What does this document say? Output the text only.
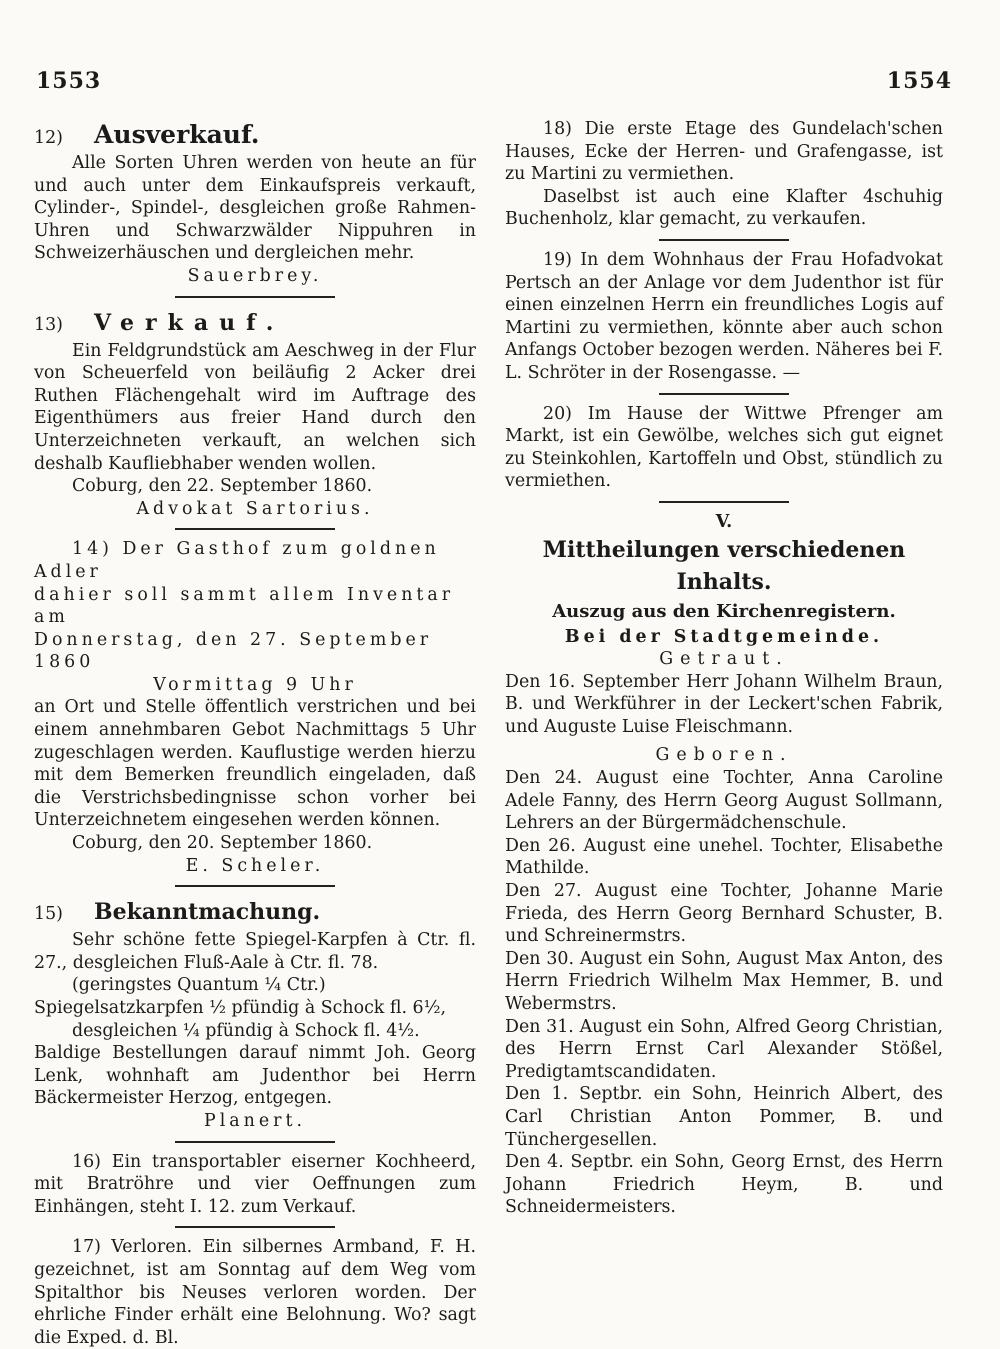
1553	1554

12) Ausverkauf.

Alle Sorten Uhren werden von heute an für und auch unter dem Einkaufspreis verkauft, Cylinder-, Spindel-, desgleichen große Rahmen-Uhren und Schwarzwälder Nippuhren in Schweizerhäuschen und dergleichen mehr.

Sauerbrey.

13) Verkauf.

Ein Feldgrundstück am Aeschweg in der Flur von Scheuerfeld von beiläufig 2 Acker drei Ruthen Flächengehalt wird im Auftrage des Eigenthümers aus freier Hand durch den Unterzeichneten verkauft, an welchen sich deshalb Kaufliebhaber wenden wollen.

Coburg, den 22. September 1860.

Advokat Sartorius.

14) Der Gasthof zum goldnen Adler

dahier soll sammt allem Inventar am

Donnerstag, den 27. September 1860

Vormittag 9 Uhr

an Ort und Stelle öffentlich verstrichen und bei einem annehmbaren Gebot Nachmittags 5 Uhr zugeschlagen werden. Kauflustige werden hierzu mit dem Bemerken freundlich eingeladen, daß die Verstrichsbedingnisse schon vorher bei Unterzeichnetem eingesehen werden können.

Coburg, den 20. September 1860.

E. Scheler.

15) Bekanntmachung.

Sehr schöne fette Spiegel-Karpfen à Ctr. fl. 27., desgleichen Fluß-Aale à Ctr. fl. 78.

(geringstes Quantum ¼ Ctr.)

Spiegelsatzkarpfen ½ pfündig à Schock fl. 6½,

desgleichen ¼ pfündig à Schock fl. 4½.

Baldige Bestellungen darauf nimmt Joh. Georg Lenk, wohnhaft am Judenthor bei Herrn Bäckermeister Herzog, entgegen.

Planert.

16) Ein transportabler eiserner Kochheerd, mit Bratröhre und vier Oeffnungen zum Einhängen, steht I. 12. zum Verkauf.

17) Verloren. Ein silbernes Armband, F. H. gezeichnet, ist am Sonntag auf dem Weg vom Spitalthor bis Neuses verloren worden. Der ehrliche Finder erhält eine Belohnung. Wo? sagt die Exped. d. Bl.

18) Die erste Etage des Gundelach'schen Hauses, Ecke der Herren- und Grafengasse, ist zu Martini zu vermiethen.

Daselbst ist auch eine Klafter 4schuhig Buchenholz, klar gemacht, zu verkaufen.

19) In dem Wohnhaus der Frau Hofadvokat Pertsch an der Anlage vor dem Judenthor ist für einen einzelnen Herrn ein freundliches Logis auf Martini zu vermiethen, könnte aber auch schon Anfangs October bezogen werden. Näheres bei F. L. Schröter in der Rosengasse. —

20) Im Hause der Wittwe Pfrenger am Markt, ist ein Gewölbe, welches sich gut eignet zu Steinkohlen, Kartoffeln und Obst, stündlich zu vermiethen.

V.

Mittheilungen verschiedenen Inhalts.

Auszug aus den Kirchenregistern.

Bei der Stadtgemeinde.

Getraut.

Den 16. September Herr Johann Wilhelm Braun, B. und Werkführer in der Leckert'schen Fabrik, und Auguste Luise Fleischmann.

Geboren.

Den 24. August eine Tochter, Anna Caroline Adele Fanny, des Herrn Georg August Sollmann, Lehrers an der Bürgermädchenschule.

Den 26. August eine unehel. Tochter, Elisabethe Mathilde.

Den 27. August eine Tochter, Johanne Marie Frieda, des Herrn Georg Bernhard Schuster, B. und Schreinermstrs.

Den 30. August ein Sohn, August Max Anton, des Herrn Friedrich Wilhelm Max Hemmer, B. und Webermstrs.

Den 31. August ein Sohn, Alfred Georg Christian, des Herrn Ernst Carl Alexander Stößel, Predigtamtscandidaten.

Den 1. Septbr. ein Sohn, Heinrich Albert, des Carl Christian Anton Pommer, B. und Tünchergesellen.

Den 4. Septbr. ein Sohn, Georg Ernst, des Herrn Johann Friedrich Heym, B. und Schneidermeisters.
